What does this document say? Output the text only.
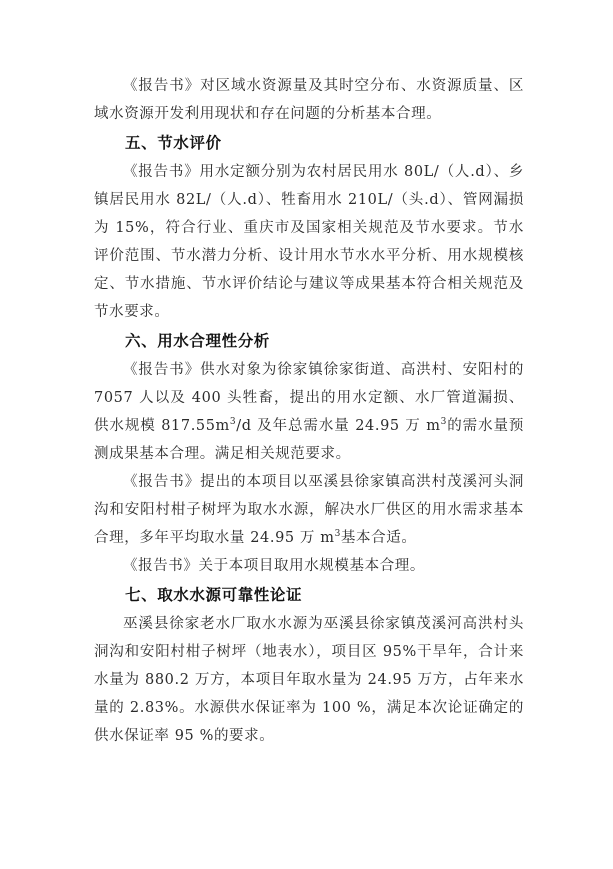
《报告书》对区域水资源量及其时空分布、水资源质量、区域水资源开发利用现状和存在问题的分析基本合理。

五、节水评价

《报告书》用水定额分别为农村居民用水 80L/（人.d）、乡镇居民用水 82L/（人.d）、牲畜用水 210L/（头.d）、管网漏损为 15%，符合行业、重庆市及国家相关规范及节水要求。节水评价范围、节水潜力分析、设计用水节水水平分析、用水规模核定、节水措施、节水评价结论与建议等成果基本符合相关规范及节水要求。

六、用水合理性分析

《报告书》供水对象为徐家镇徐家街道、高洪村、安阳村的 7057 人以及 400 头牲畜，提出的用水定额、水厂管道漏损、供水规模 $817.55m^3/d$ 及年总需水量 24.95 万 $m^3$的需水量预测成果基本合理。满足相关规范要求。

《报告书》提出的本项目以巫溪县徐家镇高洪村茂溪河头洞沟和安阳村柑子树坪为取水水源，解决水厂供区的用水需求基本合理，多年平均取水量 24.95 万 $m^3$基本合适。

《报告书》关于本项目取用水规模基本合理。

七、取水水源可靠性论证

巫溪县徐家老水厂取水水源为巫溪县徐家镇茂溪河高洪村头洞沟和安阳村柑子树坪（地表水），项目区 95%干旱年，合计来水量为 880.2 万方，本项目年取水量为 24.95 万方，占年来水量的 2.83%。水源供水保证率为 100 %，满足本次论证确定的供水保证率 95 %的要求。
